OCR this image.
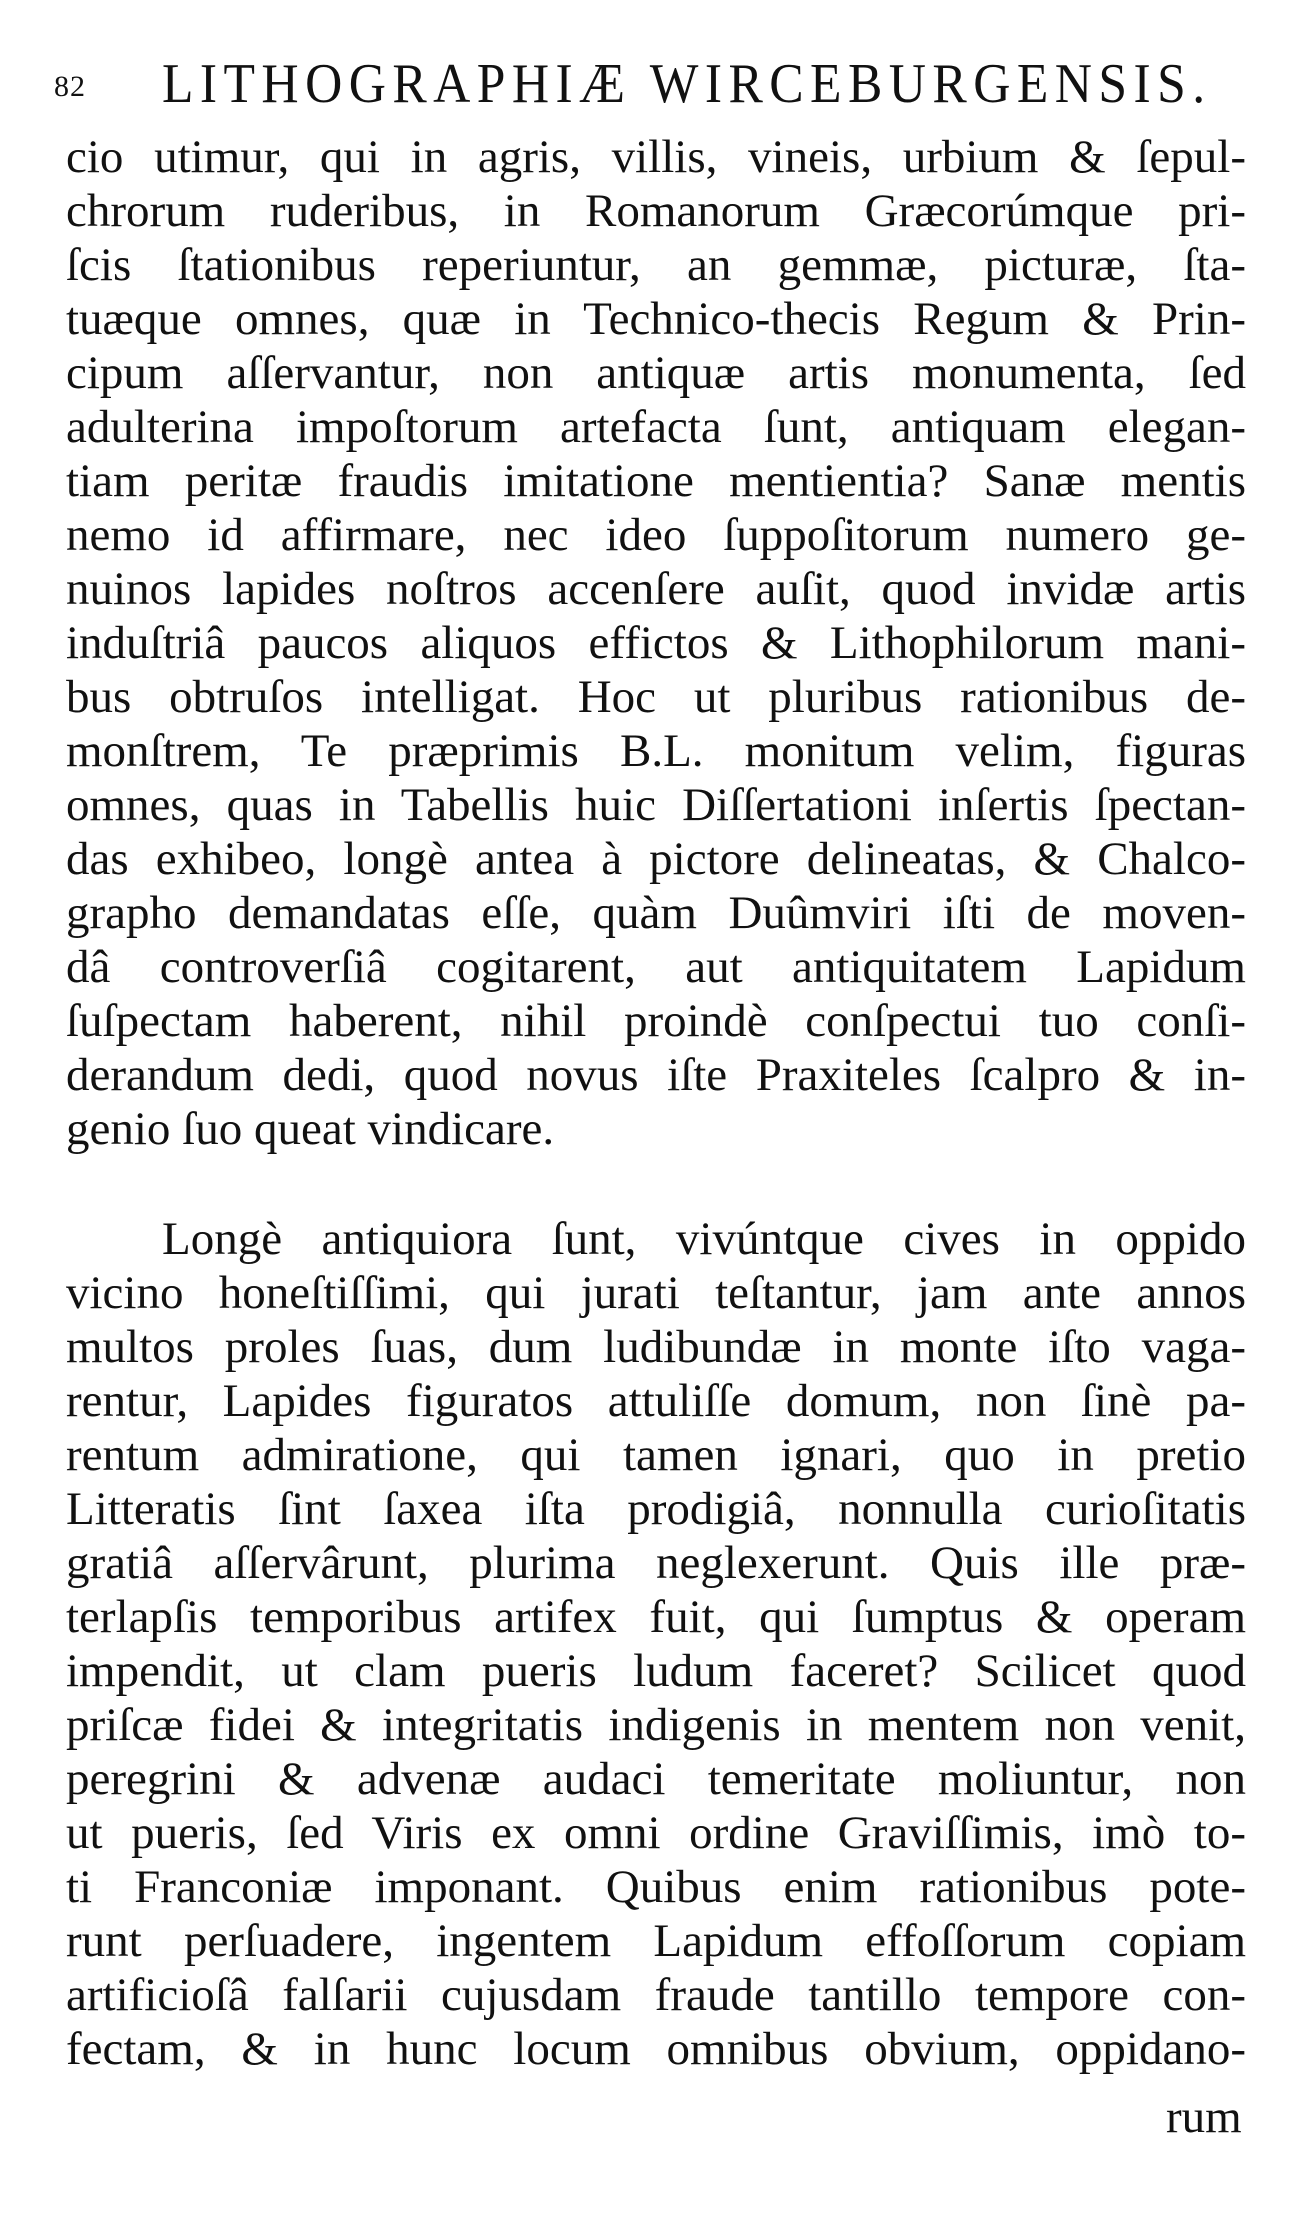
82 LITHOGRAPHIÆ WIRCEBURGENSIS.
cio utimur, qui in agris, villis, vineis, urbium & ſepul-
chrorum ruderibus, in Romanorum Græcorúmque pri-
ſcis ſtationibus reperiuntur, an gemmæ, picturæ, ſta-
tuæque omnes, quæ in Technico-thecis Regum & Prin-
cipum aſſervantur, non antiquæ artis monumenta, ſed
adulterina impoſtorum artefacta ſunt, antiquam elegan-
tiam peritæ fraudis imitatione mentientia? Sanæ mentis
nemo id affirmare, nec ideo ſuppoſitorum numero ge-
nuinos lapides noſtros accenſere auſit, quod invidæ artis
induſtriâ paucos aliquos effictos & Lithophilorum mani-
bus obtruſos intelligat. Hoc ut pluribus rationibus de-
monſtrem, Te præprimis B.L. monitum velim, figuras
omnes, quas in Tabellis huic Diſſertationi inſertis ſpectan-
das exhibeo, longè antea à pictore delineatas, & Chalco-
grapho demandatas eſſe, quàm Duûmviri iſti de moven-
dâ controverſiâ cogitarent, aut antiquitatem Lapidum
ſuſpectam haberent, nihil proindè conſpectui tuo conſi-
derandum dedi, quod novus iſte Praxiteles ſcalpro & in-
genio ſuo queat vindicare.
Longè antiquiora ſunt, vivúntque cives in oppido
vicino honeſtiſſimi, qui jurati teſtantur, jam ante annos
multos proles ſuas, dum ludibundæ in monte iſto vaga-
rentur, Lapides figuratos attuliſſe domum, non ſinè pa-
rentum admiratione, qui tamen ignari, quo in pretio
Litteratis ſint ſaxea iſta prodigiâ, nonnulla curioſitatis
gratiâ aſſervârunt, plurima neglexerunt. Quis ille præ-
terlapſis temporibus artifex fuit, qui ſumptus & operam
impendit, ut clam pueris ludum faceret? Scilicet quod
priſcæ fidei & integritatis indigenis in mentem non venit,
peregrini & advenæ audaci temeritate moliuntur, non
ut pueris, ſed Viris ex omni ordine Graviſſimis, imò to-
ti Franconiæ imponant. Quibus enim rationibus pote-
runt perſuadere, ingentem Lapidum effoſſorum copiam
artificioſâ falſarii cujusdam fraude tantillo tempore con-
fectam, & in hunc locum omnibus obvium, oppidano-
rum
